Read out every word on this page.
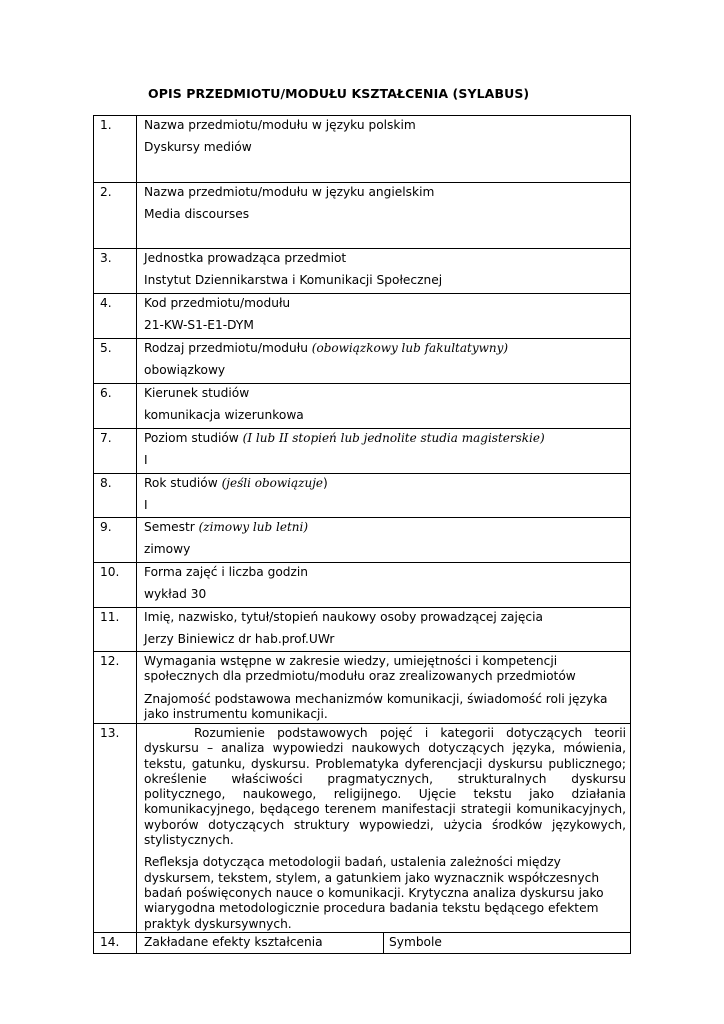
OPIS PRZEDMIOTU/MODUŁU KSZTAŁCENIA (SYLABUS)
1.	Nazwa przedmiotu/modułu w języku polskim

Dyskursy mediów	

2.	Nazwa przedmiotu/modułu w języku angielskim

Media discourses	

3.	Jednostka prowadząca przedmiot

Instytut Dziennikarstwa i Komunikacji Społecznej	

4.	Kod przedmiotu/modułu

21-KW-S1-E1-DYM	

5.	Rodzaj przedmiotu/modułu (obowiązkowy lub fakultatywny)

obowiązkowy	

6.	Kierunek studiów

komunikacja wizerunkowa	

7.	Poziom studiów (I lub II stopień lub jednolite studia magisterskie)

I	

8.	Rok studiów (jeśli obowiązuje)

I	

9.	Semestr (zimowy lub letni)

zimowy	

10.	Forma zajęć i liczba godzin

wykład 30	

11.	Imię, nazwisko, tytuł/stopień naukowy osoby prowadzącej zajęcia

Jerzy Biniewicz dr hab.prof.UWr	

12.	Wymagania wstępne w zakresie wiedzy, umiejętności i kompetencji społecznych dla przedmiotu/modułu oraz zrealizowanych przedmiotów

Znajomość podstawowa mechanizmów komunikacji, świadomość roli języka jako instrumentu komunikacji.	

13.	Rozumienie podstawowych pojęć i kategorii dotyczących teorii dyskursu – analiza wypowiedzi naukowych dotyczących języka, mówienia, tekstu, gatunku, dyskursu. Problematyka dyferencjacji dyskursu publicznego; określenie właściwości pragmatycznych, strukturalnych dyskursu politycznego, naukowego, religijnego. Ujęcie tekstu jako działania komunikacyjnego, będącego terenem manifestacji strategii komunikacyjnych, wyborów dotyczących struktury wypowiedzi, użycia środków językowych, stylistycznych.

Refleksja dotycząca metodologii badań, ustalenia zależności między dyskursem, tekstem, stylem, a gatunkiem jako wyznacznik współczesnych badań poświęconych nauce o komunikacji. Krytyczna analiza dyskursu jako wiarygodna metodologicznie procedura badania tekstu będącego efektem praktyk dyskursywnych.	

14.	Zakładane efekty kształcenia	Symbole
